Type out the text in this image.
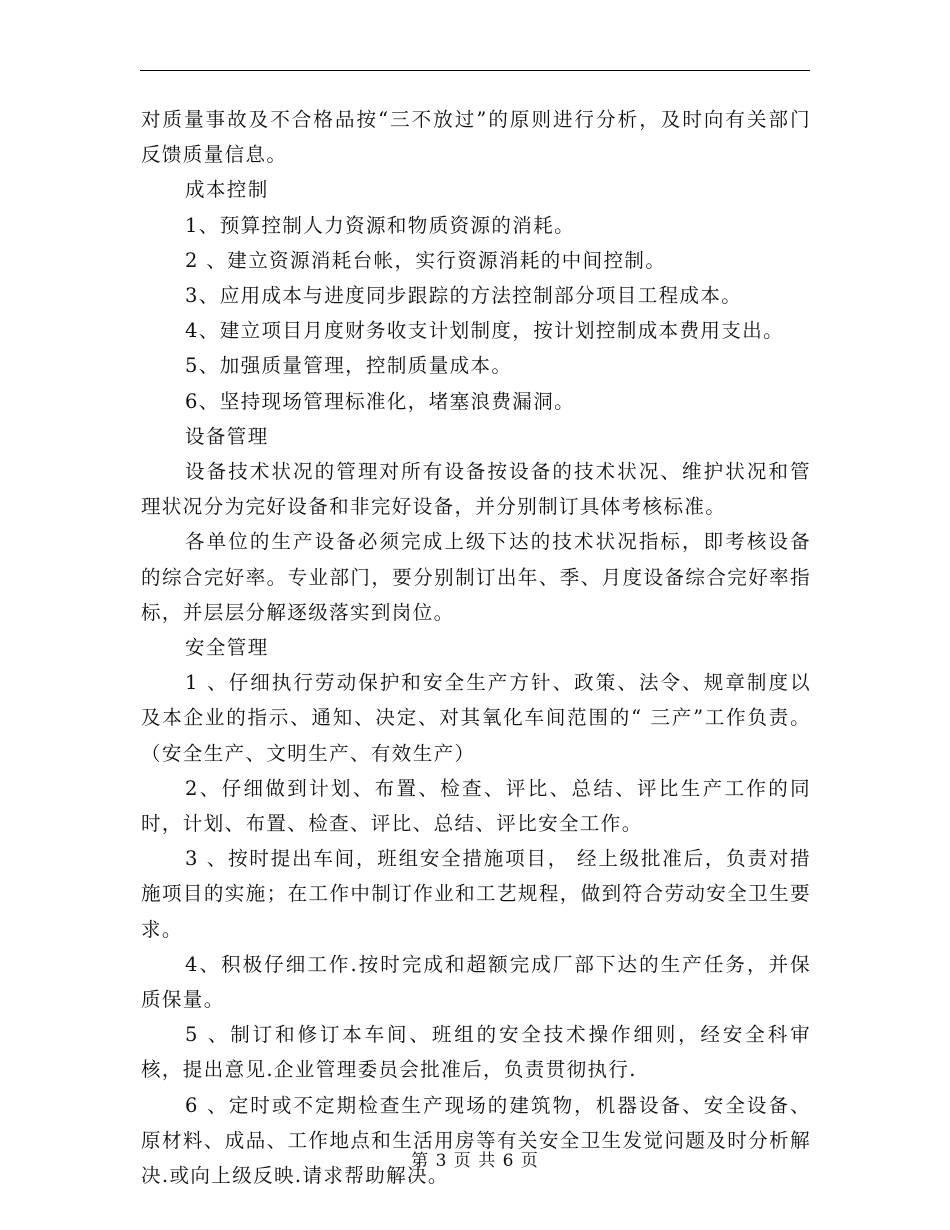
对质量事故及不合格品按“三不放过”的原则进行分析，及时向有关部门反馈质量信息。

成本控制

1、预算控制人力资源和物质资源的消耗。

2 、建立资源消耗台帐，实行资源消耗的中间控制。

3、应用成本与进度同步跟踪的方法控制部分项目工程成本。

4、建立项目月度财务收支计划制度，按计划控制成本费用支出。

5、加强质量管理，控制质量成本。

6、坚持现场管理标准化，堵塞浪费漏洞。

设备管理

设备技术状况的管理对所有设备按设备的技术状况、维护状况和管理状况分为完好设备和非完好设备，并分别制订具体考核标准。

各单位的生产设备必须完成上级下达的技术状况指标，即考核设备的综合完好率。专业部门，要分别制订出年、季、月度设备综合完好率指标，并层层分解逐级落实到岗位。

安全管理

1 、仔细执行劳动保护和安全生产方针、政策、法令、规章制度以及本企业的指示、通知、决定、对其氧化车间范围的“ 三产”工作负责。（安全生产、文明生产、有效生产）

2、仔细做到计划、布置、检查、评比、总结、评比生产工作的同时，计划、布置、检查、评比、总结、评比安全工作。

3 、按时提出车间，班组安全措施项目， 经上级批准后，负责对措施项目的实施；在工作中制订作业和工艺规程，做到符合劳动安全卫生要求。

4、积极仔细工作.按时完成和超额完成厂部下达的生产任务，并保质保量。

5 、制订和修订本车间、班组的安全技术操作细则，经安全科审核，提出意见.企业管理委员会批准后，负责贯彻执行.

6 、定时或不定期检查生产现场的建筑物，机器设备、安全设备、原材料、成品、工作地点和生活用房等有关安全卫生发觉问题及时分析解决.或向上级反映.请求帮助解决。

第 3 页 共 6 页
